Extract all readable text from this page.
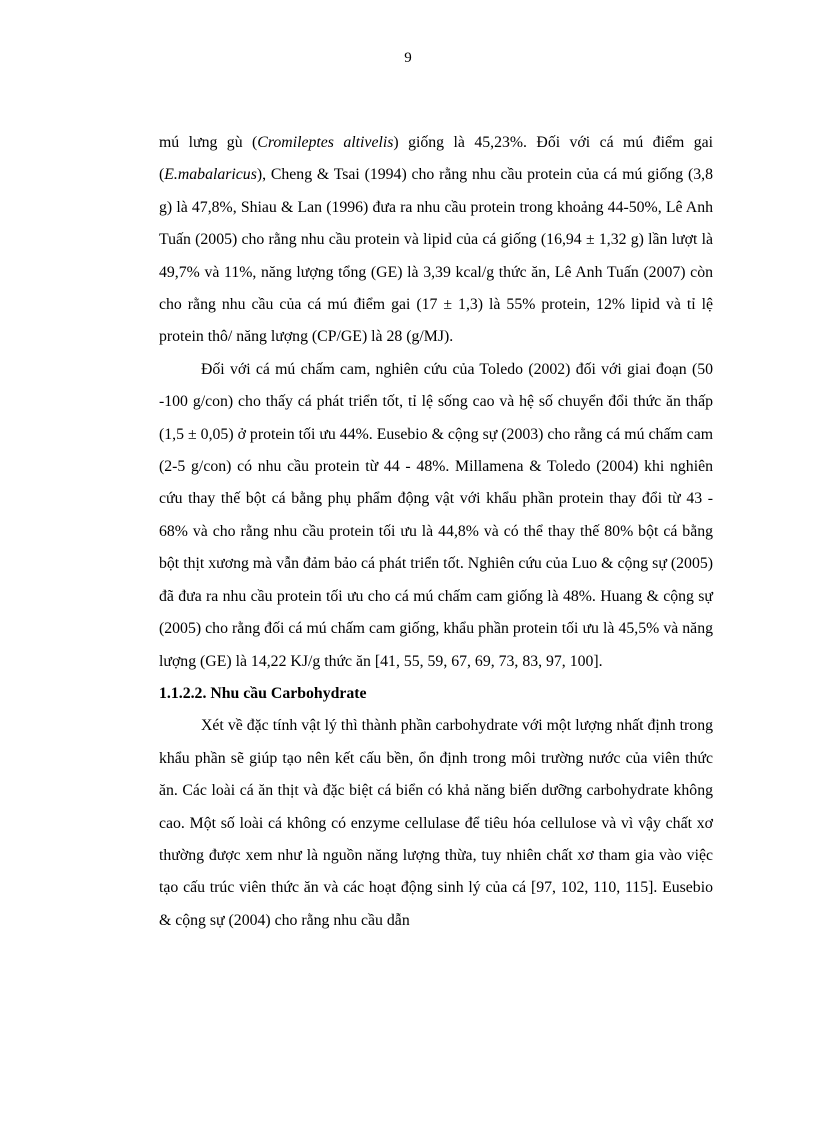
9

mú lưng gù (Cromileptes altivelis) giống là 45,23%. Đối với cá mú điểm gai (E.mabalaricus), Cheng & Tsai (1994) cho rằng nhu cầu protein của cá mú giống (3,8 g) là 47,8%, Shiau & Lan (1996) đưa ra nhu cầu protein trong khoảng 44-50%, Lê Anh Tuấn (2005) cho rằng nhu cầu protein và lipid của cá giống (16,94 ± 1,32 g) lần lượt là 49,7% và 11%, năng lượng tổng (GE) là 3,39 kcal/g thức ăn, Lê Anh Tuấn (2007) còn cho rằng nhu cầu của cá mú điểm gai (17 ± 1,3) là 55% protein, 12% lipid và tỉ lệ protein thô/ năng lượng (CP/GE) là 28 (g/MJ).

Đối với cá mú chấm cam, nghiên cứu của Toledo (2002) đối với giai đoạn (50 -100 g/con) cho thấy cá phát triển tốt, tỉ lệ sống cao và hệ số chuyển đổi thức ăn thấp (1,5 ± 0,05) ở protein tối ưu 44%. Eusebio & cộng sự (2003) cho rằng cá mú chấm cam (2-5 g/con) có nhu cầu protein từ 44 - 48%. Millamena & Toledo (2004) khi nghiên cứu thay thế bột cá bằng phụ phẩm động vật với khẩu phần protein thay đổi từ 43 - 68% và cho rằng nhu cầu protein tối ưu là 44,8% và có thể thay thế 80% bột cá bằng bột thịt xương mà vẫn đảm bảo cá phát triển tốt. Nghiên cứu của Luo & cộng sự (2005) đã đưa ra nhu cầu protein tối ưu cho cá mú chấm cam giống là 48%. Huang & cộng sự (2005) cho rằng đối cá mú chấm cam giống, khẩu phần protein tối ưu là 45,5% và năng lượng (GE) là 14,22 KJ/g thức ăn [41, 55, 59, 67, 69, 73, 83, 97, 100].

1.1.2.2. Nhu cầu Carbohydrate

Xét về đặc tính vật lý thì thành phần carbohydrate với một lượng nhất định trong khẩu phần sẽ giúp tạo nên kết cấu bền, ổn định trong môi trường nước của viên thức ăn. Các loài cá ăn thịt và đặc biệt cá biển có khả năng biến dưỡng carbohydrate không cao. Một số loài cá không có enzyme cellulase để tiêu hóa cellulose và vì vậy chất xơ thường được xem như là nguồn năng lượng thừa, tuy nhiên chất xơ tham gia vào việc tạo cấu trúc viên thức ăn và các hoạt động sinh lý của cá [97, 102, 110, 115]. Eusebio & cộng sự (2004) cho rằng nhu cầu dẫn
